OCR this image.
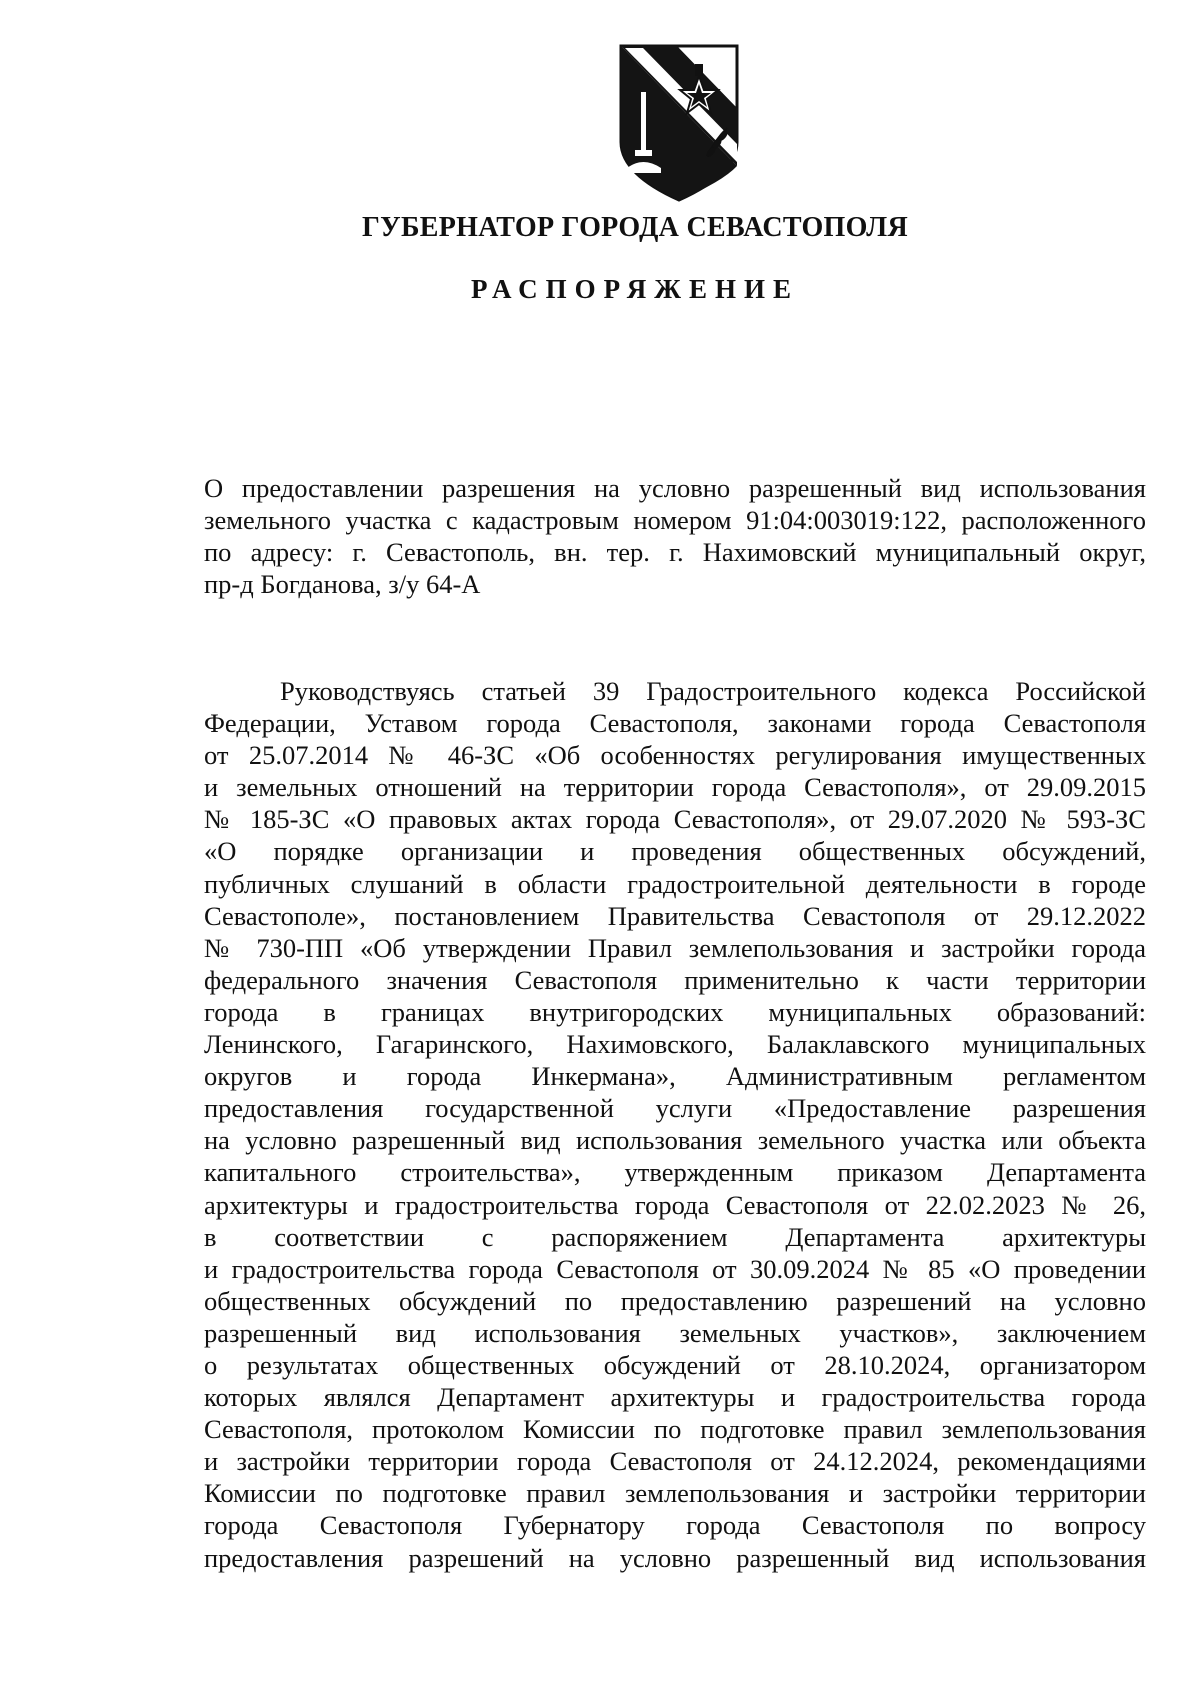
ГУБЕРНАТОР ГОРОДА СЕВАСТОПОЛЯ
РАСПОРЯЖЕНИЕ
О предоставлении разрешения на условно разрешенный вид использования
земельного участка с кадастровым номером 91:04:003019:122, расположенного
по адресу: г. Севастополь, вн. тер. г. Нахимовский муниципальный округ,
пр-д Богданова, з/у 64-А
Руководствуясь статьей 39 Градостроительного кодекса Российской
Федерации, Уставом города Севастополя, законами города Севастополя
от 25.07.2014 № 46-ЗС «Об особенностях регулирования имущественных
и земельных отношений на территории города Севастополя», от 29.09.2015
№ 185-ЗС «О правовых актах города Севастополя», от 29.07.2020 № 593-ЗС
«О порядке организации и проведения общественных обсуждений,
публичных слушаний в области градостроительной деятельности в городе
Севастополе», постановлением Правительства Севастополя от 29.12.2022
№ 730-ПП «Об утверждении Правил землепользования и застройки города
федерального значения Севастополя применительно к части территории
города в границах внутригородских муниципальных образований:
Ленинского, Гагаринского, Нахимовского, Балаклавского муниципальных
округов и города Инкермана», Административным регламентом
предоставления государственной услуги «Предоставление разрешения
на условно разрешенный вид использования земельного участка или объекта
капитального строительства», утвержденным приказом Департамента
архитектуры и градостроительства города Севастополя от 22.02.2023 № 26,
в соответствии с распоряжением Департамента архитектуры
и градостроительства города Севастополя от 30.09.2024 № 85 «О проведении
общественных обсуждений по предоставлению разрешений на условно
разрешенный вид использования земельных участков», заключением
о результатах общественных обсуждений от 28.10.2024, организатором
которых являлся Департамент архитектуры и градостроительства города
Севастополя, протоколом Комиссии по подготовке правил землепользования
и застройки территории города Севастополя от 24.12.2024, рекомендациями
Комиссии по подготовке правил землепользования и застройки территории
города Севастополя Губернатору города Севастополя по вопросу
предоставления разрешений на условно разрешенный вид использования
